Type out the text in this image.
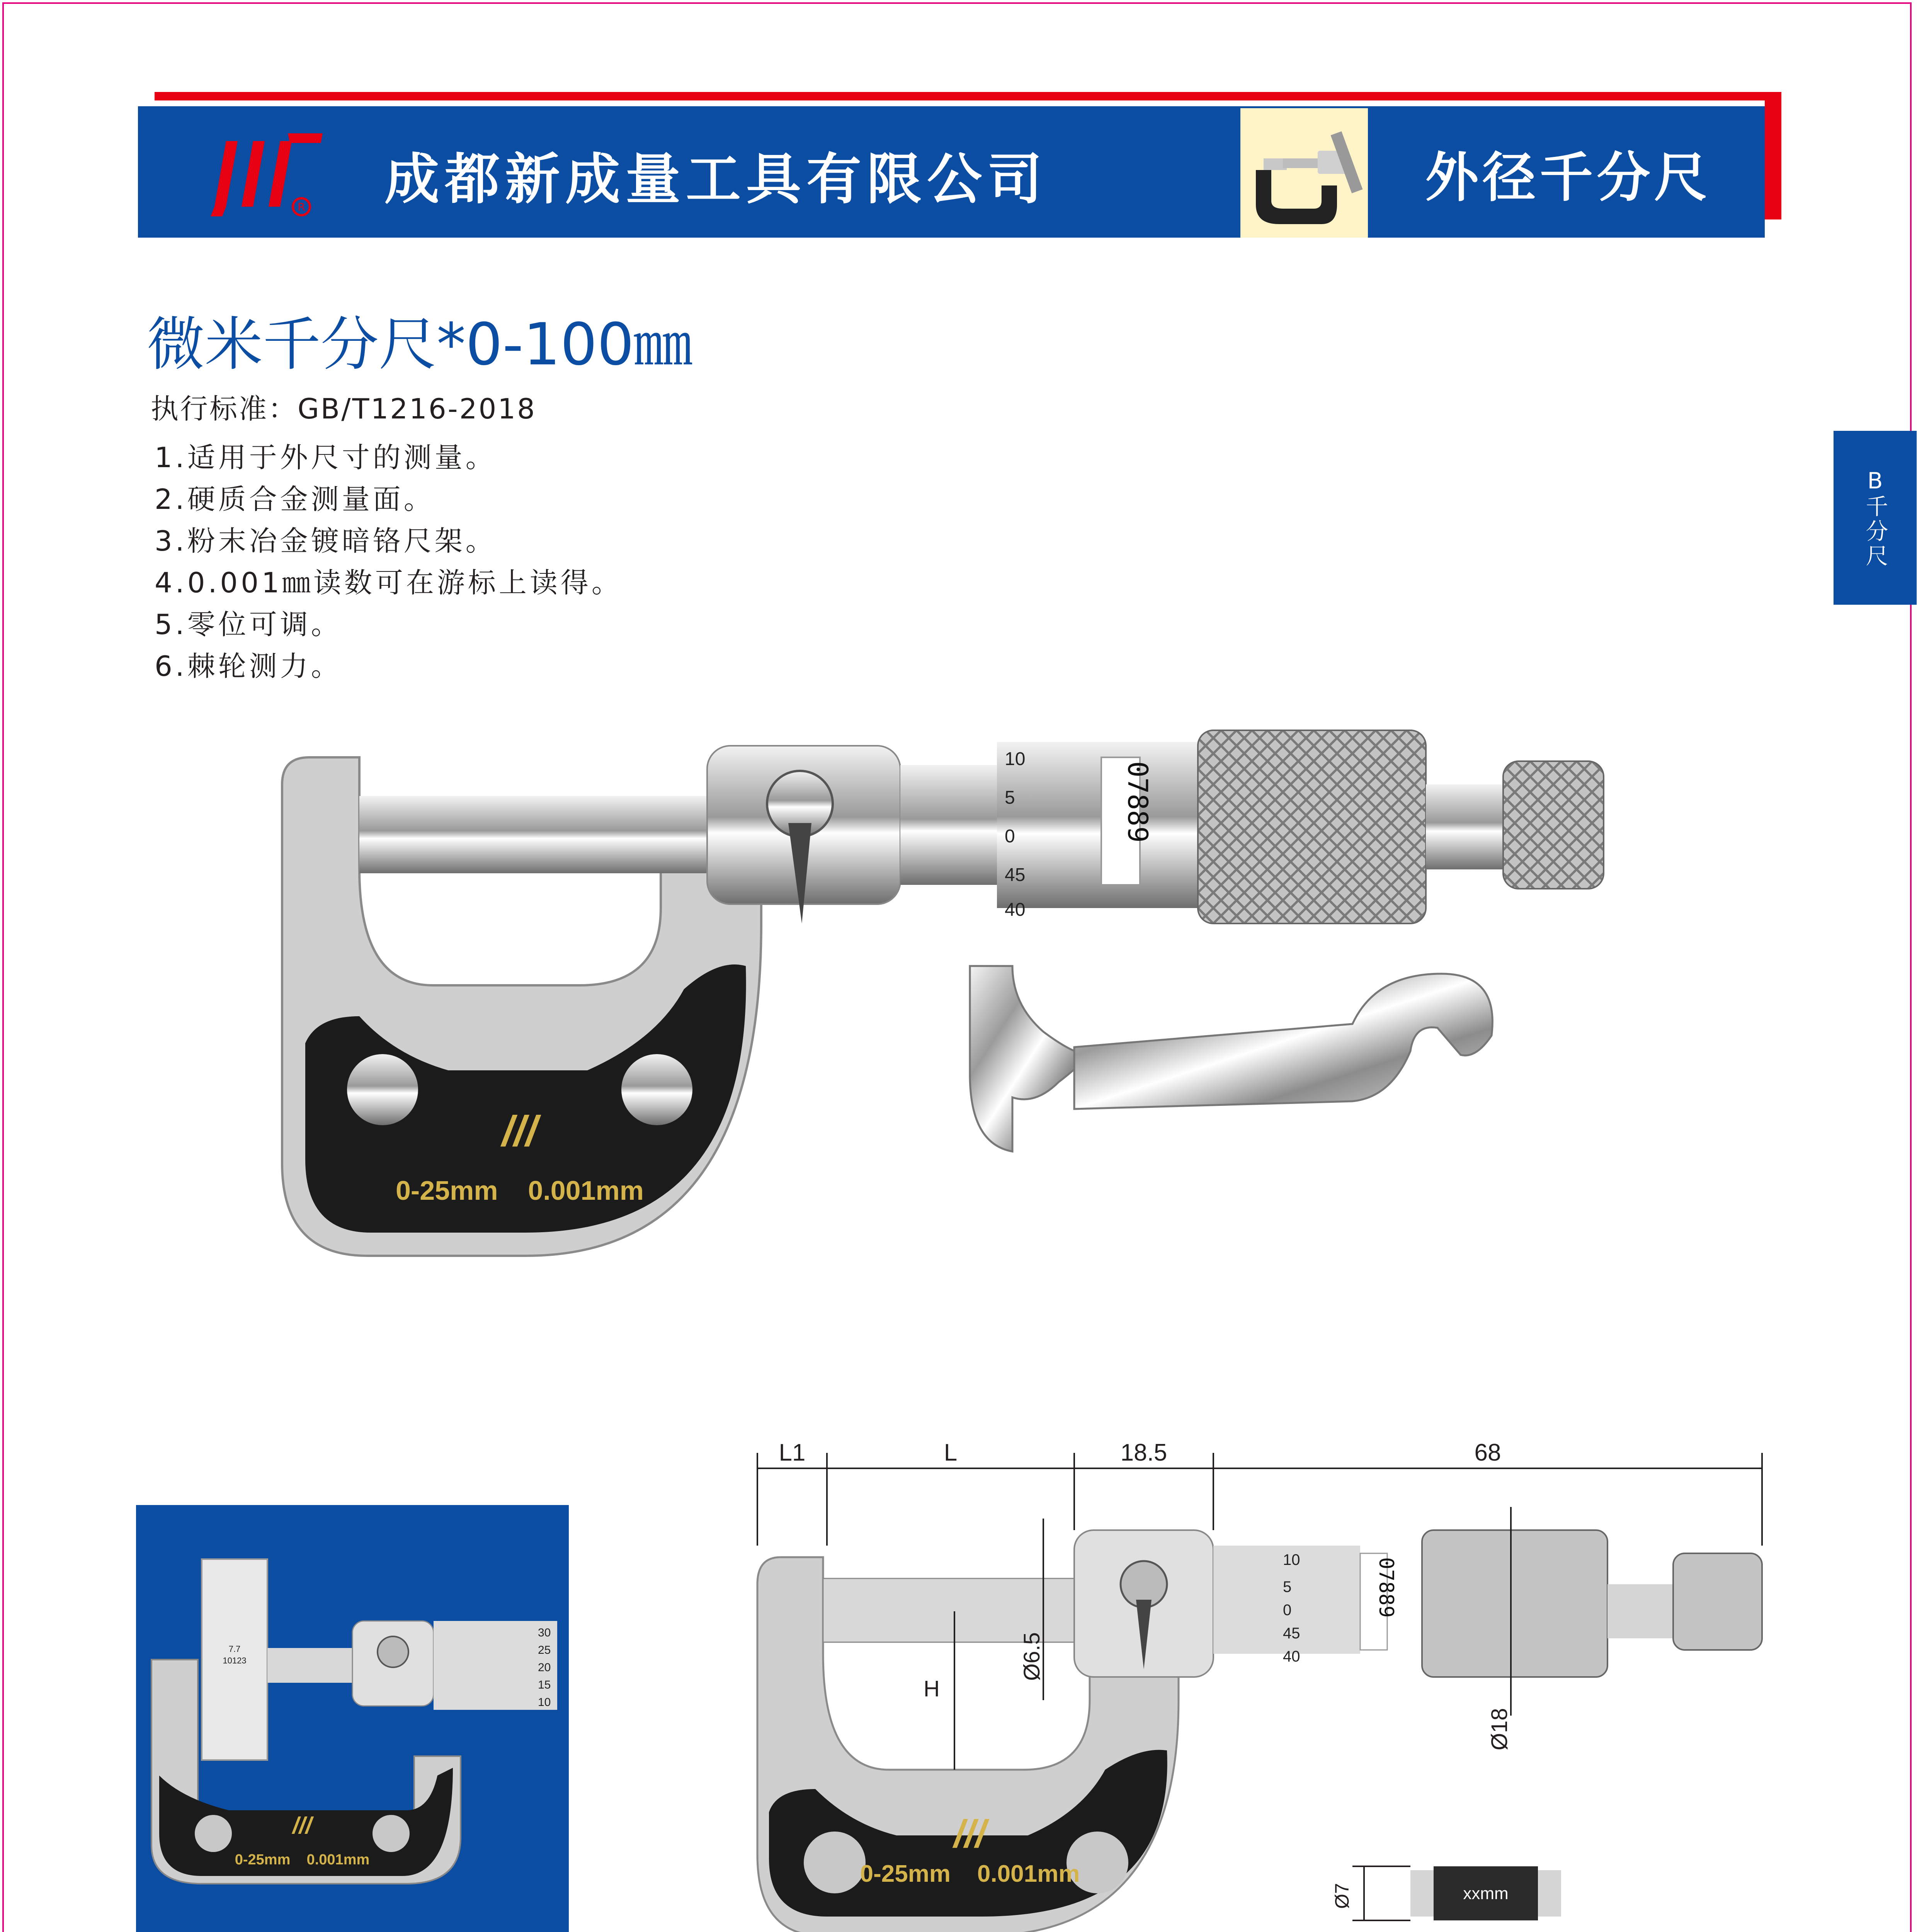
R 成都新成量工具有限公司	外径千分尺
微米千分尺*0-100㎜
执行标准：GB/T1216-2018
1.适用于外尺寸的测量。
2.硬质合金测量面。
3.粉末冶金镀暗铬尺架。
4.0.001㎜读数可在游标上读得。
5.零位可调。
6.棘轮测力。
B
千分尺
///
0-25mm    0.001mm
10
5
0
45
40
07889
///
0-25mm    0.001mm
7.7
10123
30
25
20
15
10
L1	L	18.5	68
///
0-25mm    0.001mm
10
5
0
45
40
07889
H
Ø6.5
Ø18
xxmm
Ø7
